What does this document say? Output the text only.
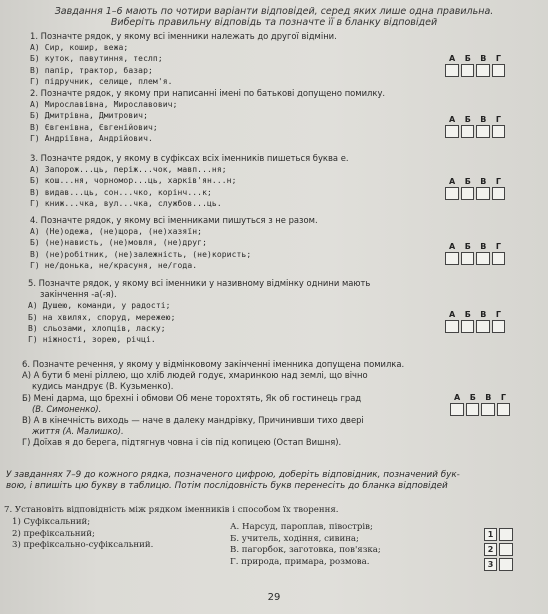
Завдання 1–6 мають по чотири варіанти відповідей, серед яких лише одна правильна.
Виберіть правильну відповідь та позначте її в бланку відповідей
1. Позначте рядок, у якому всі іменники належать до другої відміни.
А) Сир, кошир, вежа;
Б) куток, павутиння, теслп;
В) папір, трактор, базар;
Г) підручник, селище, плем'я.
А Б В Г
2. Позначте рядок, у якому при написанні імені по батькові допущено помилку.
А) Мирославівна, Мирославович;
Б) Дмитрівна, Дмитрович;
В) Євгенівна, Євгенійович;
Г) Андріївна, Андрійович.
А Б В Г
3. Позначте рядок, у якому в суфіксах всіх іменників пишеться буква е.
А) Запорож...ць, періж...чок, мавп...ня;
Б) кош...ня, чорномор...ць, харків'ян...н;
В) видав...ць, сон...чко, корінч...к;
Г) книж...чка, вул...чка, службов...ць.
А Б В Г
4. Позначте рядок, у якому всі іменниками пишуться з не разом.
А) (Не)одежа, (не)щора, (не)хазяїн;
Б) (не)нависть, (не)мовля, (не)друг;
В) (не)робітник, (не)залежність, (не)користь;
Г) не/донька, не/красуня, не/годa.
А Б В Г
5. Позначте рядок, у якому всі іменники у називному відмінку однини мають
закінчення -а(-я).
А) Душею, команди, у радості;
Б) на хвилях, споруд, мережею;
В) сльозами, хлопців, ласку;
Г) ніжності, зорею, річці.
А Б В Г
6. Позначте речення, у якому у відмінковому закінченні іменника допущена помилка.
А) А бути б мені ріллею, що хліб людей годує, хмаринкою над землі, що вічно
кудись мандрує (В. Кузьменко).
Б) Мені дарма, що брехні і обмови Об мене торохтять, Як об гостинець град
(В. Симоненко).
В) А в кінечність виходь — наче в далеку мандрівку, Причинивши тихо двері
життя (А. Малишко).
Г) Доїхав я до берега, підтягнув човна і сів під копицею (Остап Вишня).
А Б В Г
У завданнях 7–9 до кожного рядка, позначеного цифрою, доберіть відповідник, позначений бук-
вою, і впишіть цю букву в таблицю. Потім послідовність букв перенесіть до бланка відповідей
7. Установіть відповідність між рядком іменників і способом їх творення.
1) Суфіксальний;
2) префіксальний;
3) префіксально-суфіксальний.
А. Нарсуд, пароплав, півострів;
Б. учитель, ходіння, сивина;
В. пагорбок, заготовка, пов'язка;
Г. природа, примара, розмова.
1
2
3
29
